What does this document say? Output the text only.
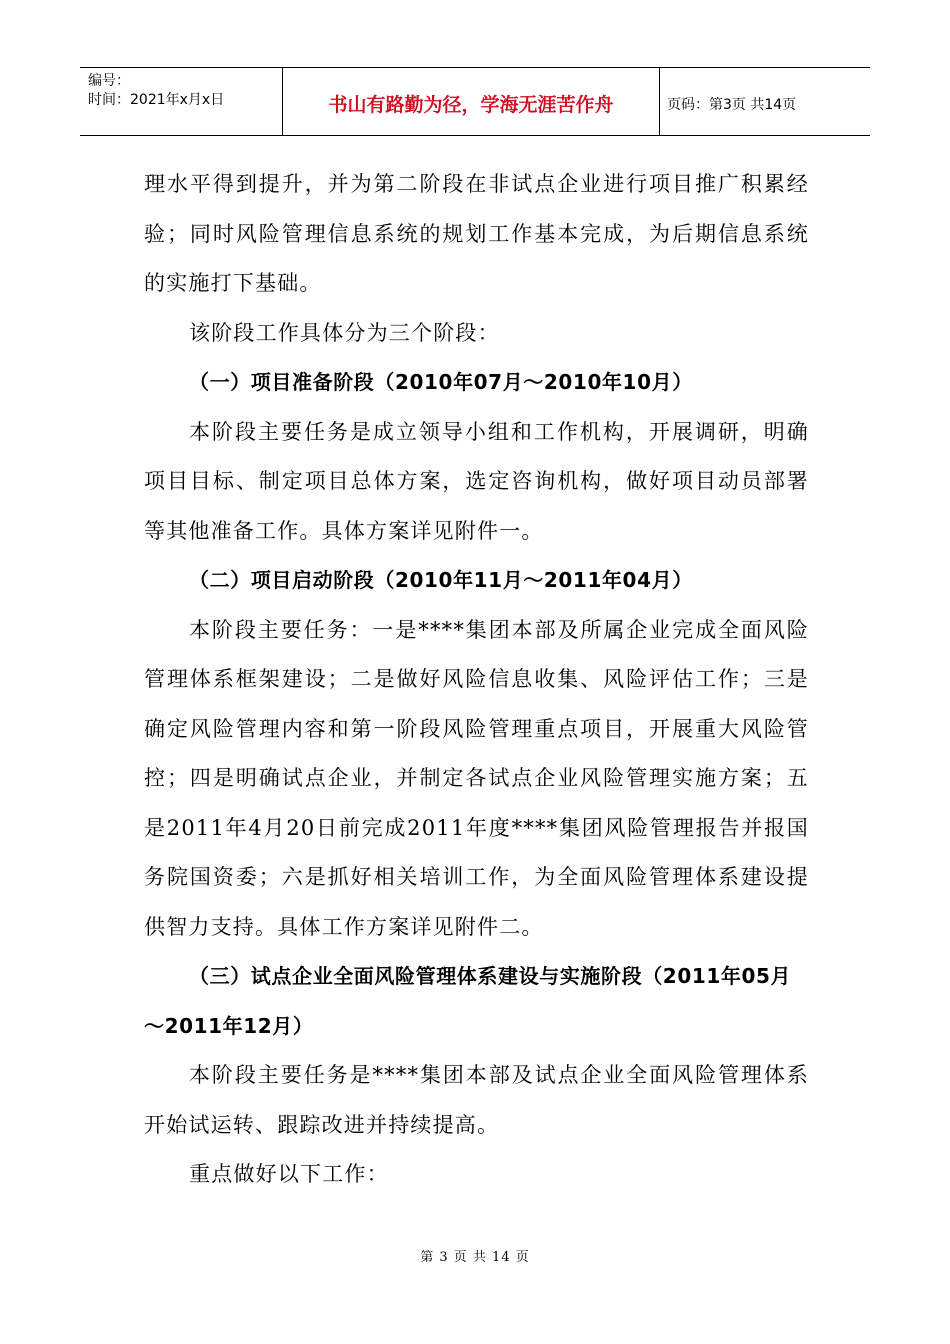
编号：
时间：2021年x月x日	书山有路勤为径，学海无涯苦作舟	页码：第3页 共14页

理水平得到提升，并为第二阶段在非试点企业进行项目推广积累经验；同时风险管理信息系统的规划工作基本完成，为后期信息系统的实施打下基础。

该阶段工作具体分为三个阶段：

（一）项目准备阶段（2010年07月～2010年10月）

本阶段主要任务是成立领导小组和工作机构，开展调研，明确项目目标、制定项目总体方案，选定咨询机构，做好项目动员部署等其他准备工作。具体方案详见附件一。

（二）项目启动阶段（2010年11月～2011年04月）

本阶段主要任务：一是****集团本部及所属企业完成全面风险管理体系框架建设；二是做好风险信息收集、风险评估工作；三是确定风险管理内容和第一阶段风险管理重点项目，开展重大风险管控；四是明确试点企业，并制定各试点企业风险管理实施方案；五是2011年4月20日前完成2011年度****集团风险管理报告并报国务院国资委；六是抓好相关培训工作，为全面风险管理体系建设提供智力支持。具体工作方案详见附件二。

（三）试点企业全面风险管理体系建设与实施阶段（2011年05月～2011年12月）

本阶段主要任务是****集团本部及试点企业全面风险管理体系开始试运转、跟踪改进并持续提高。

重点做好以下工作：

第 3 页 共 14 页
